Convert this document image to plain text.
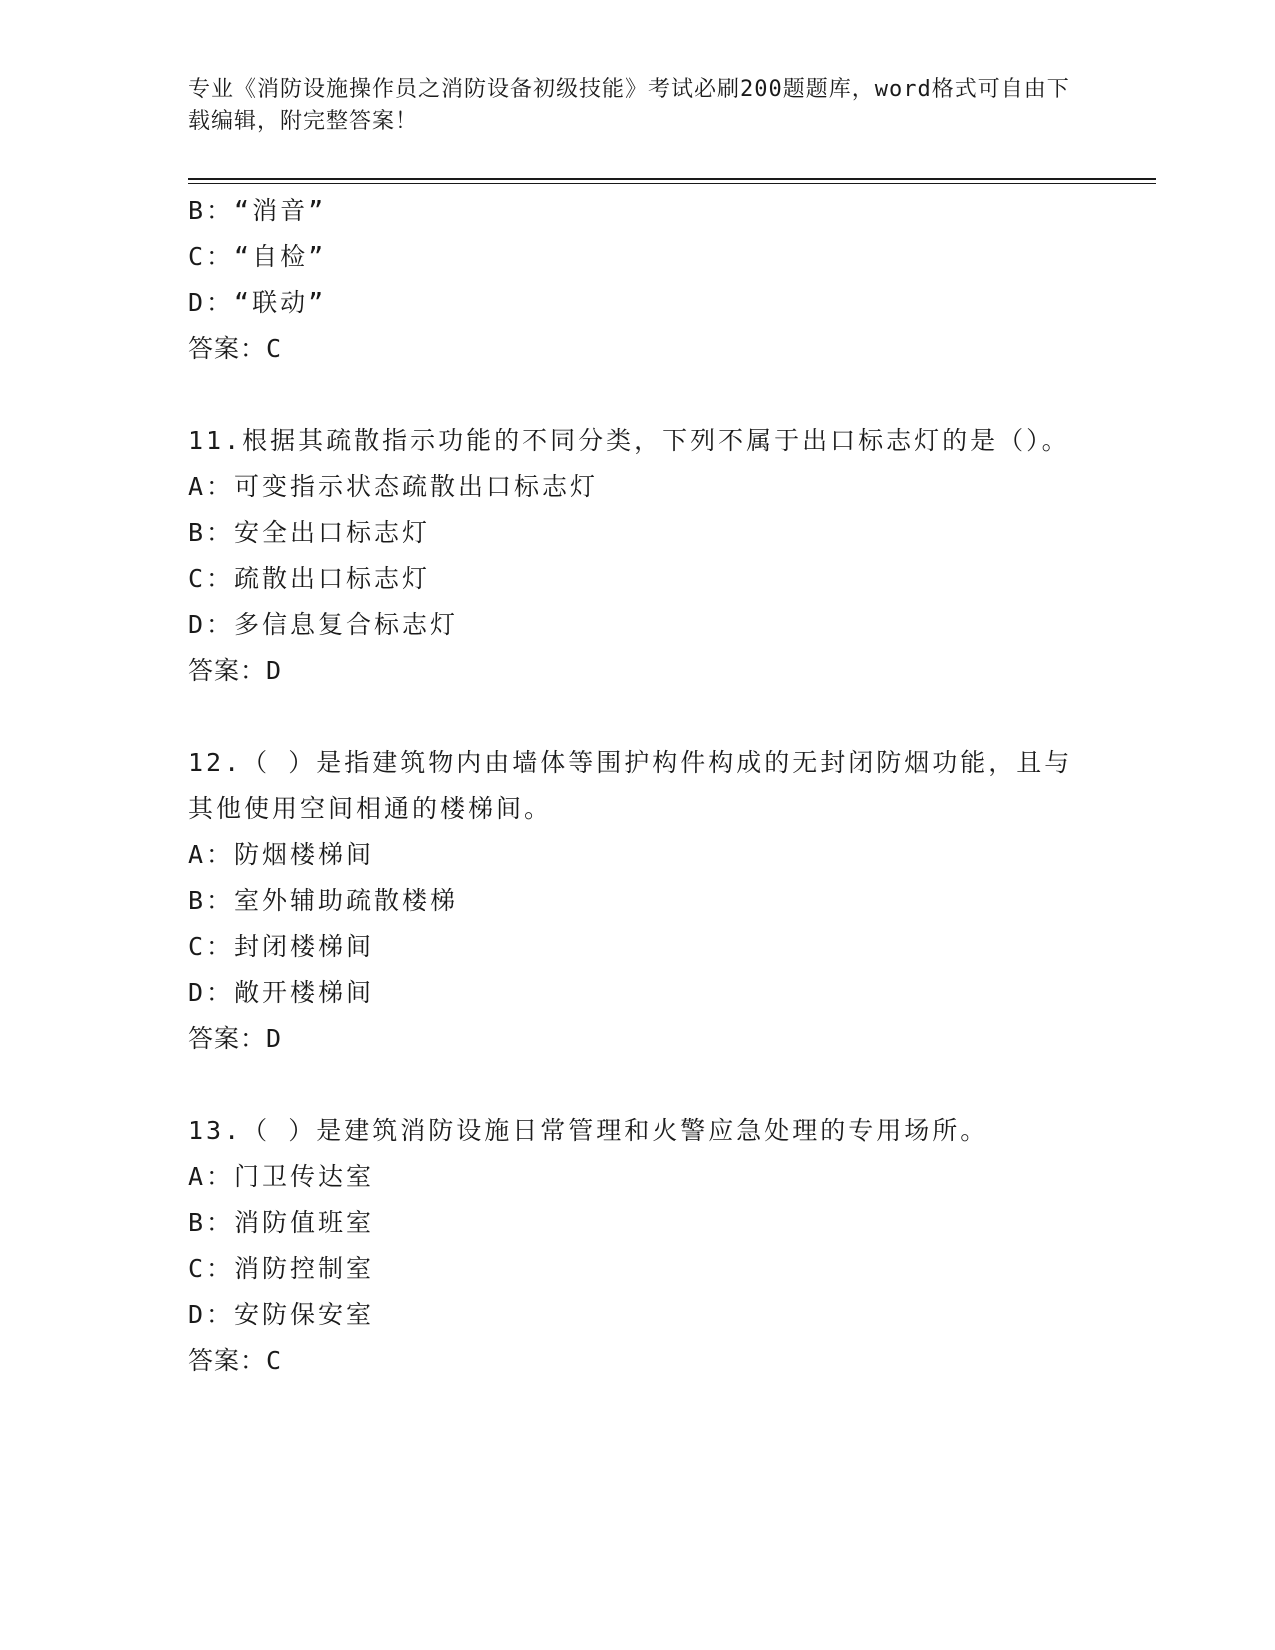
专业《消防设施操作员之消防设备初级技能》考试必刷200题题库，word格式可自由下载编辑，附完整答案！
B：“消音”
C：“自检”
D：“联动”
答案：C
11.根据其疏散指示功能的不同分类，下列不属于出口标志灯的是（）。
A：可变指示状态疏散出口标志灯
B：安全出口标志灯
C：疏散出口标志灯
D：多信息复合标志灯
答案：D
12.（ ）是指建筑物内由墙体等围护构件构成的无封闭防烟功能，且与其他使用空间相通的楼梯间。
A：防烟楼梯间
B：室外辅助疏散楼梯
C：封闭楼梯间
D：敞开楼梯间
答案：D
13.（ ）是建筑消防设施日常管理和火警应急处理的专用场所。
A：门卫传达室
B：消防值班室
C：消防控制室
D：安防保安室
答案：C
